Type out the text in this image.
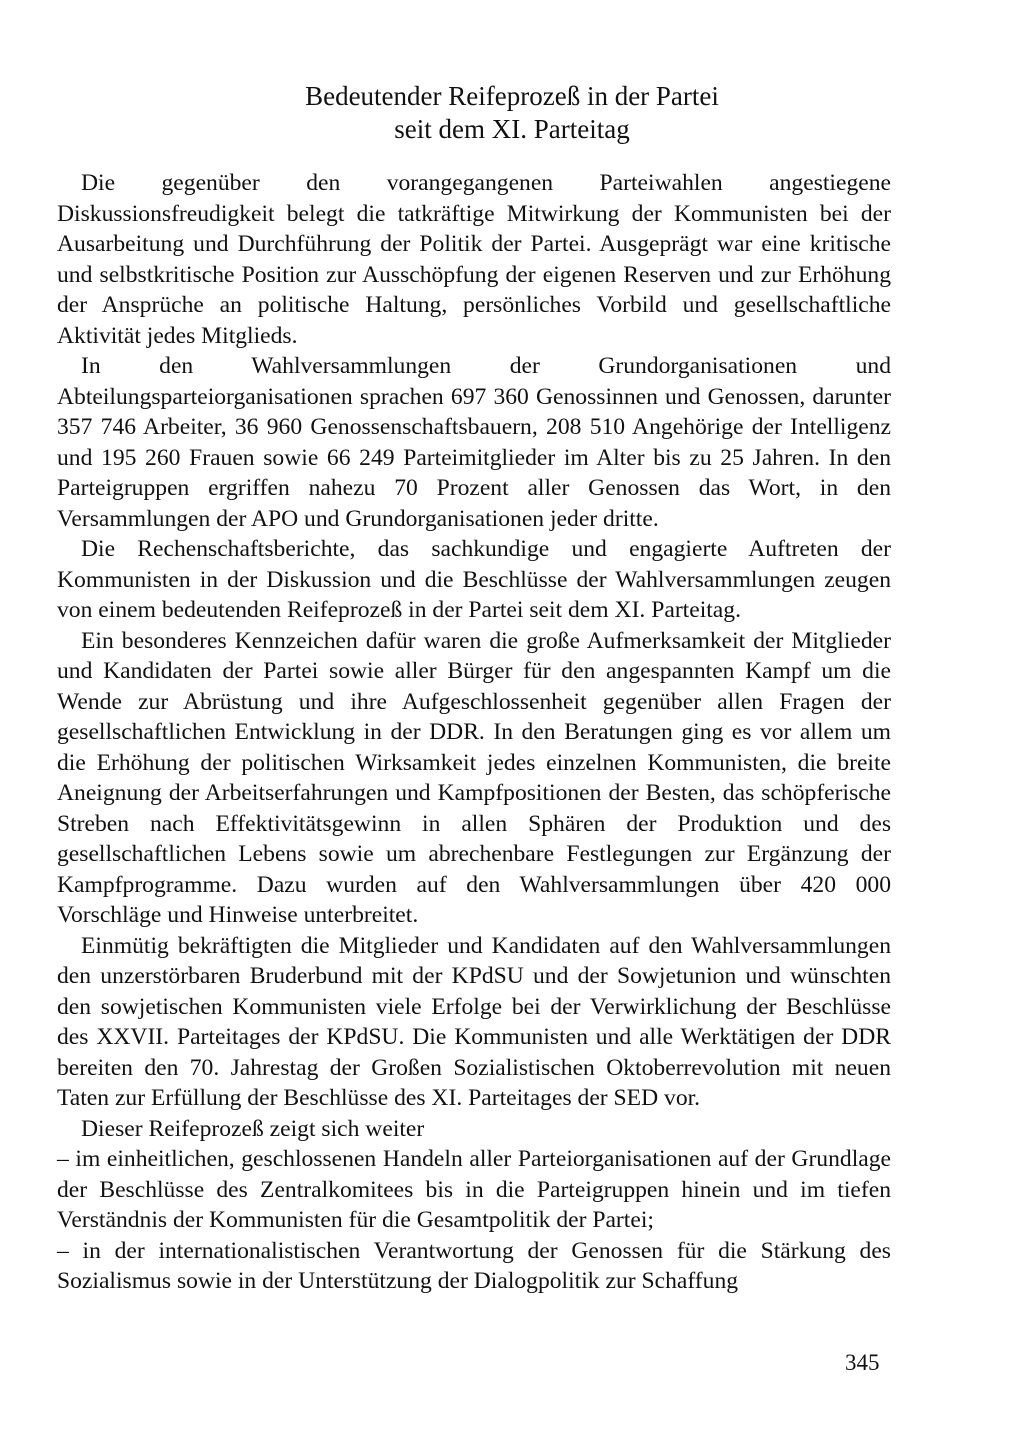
Bedeutender Reifeprozeß in der Partei
seit dem XI. Parteitag

Die gegenüber den vorangegangenen Parteiwahlen angestiegene Diskussionsfreudigkeit belegt die tatkräftige Mitwirkung der Kommunisten bei der Ausarbeitung und Durchführung der Politik der Partei. Ausgeprägt war eine kritische und selbstkritische Position zur Ausschöpfung der eigenen Reserven und zur Erhöhung der Ansprüche an politische Haltung, persönliches Vorbild und gesellschaftliche Aktivität jedes Mitglieds.

In den Wahlversammlungen der Grundorganisationen und Abteilungsparteiorganisationen sprachen 697 360 Genossinnen und Genossen, darunter 357 746 Arbeiter, 36 960 Genossenschaftsbauern, 208 510 Angehörige der Intelligenz und 195 260 Frauen sowie 66 249 Parteimitglieder im Alter bis zu 25 Jahren. In den Parteigruppen ergriffen nahezu 70 Prozent aller Genossen das Wort, in den Versammlungen der APO und Grundorganisationen jeder dritte.

Die Rechenschaftsberichte, das sachkundige und engagierte Auftreten der Kommunisten in der Diskussion und die Beschlüsse der Wahlversammlungen zeugen von einem bedeutenden Reifeprozeß in der Partei seit dem XI. Parteitag.

Ein besonderes Kennzeichen dafür waren die große Aufmerksamkeit der Mitglieder und Kandidaten der Partei sowie aller Bürger für den angespannten Kampf um die Wende zur Abrüstung und ihre Aufgeschlossenheit gegenüber allen Fragen der gesellschaftlichen Entwicklung in der DDR. In den Beratungen ging es vor allem um die Erhöhung der politischen Wirksamkeit jedes einzelnen Kommunisten, die breite Aneignung der Arbeitserfahrungen und Kampfpositionen der Besten, das schöpferische Streben nach Effektivitätsgewinn in allen Sphären der Produktion und des gesellschaftlichen Lebens sowie um abrechenbare Festlegungen zur Ergänzung der Kampfprogramme. Dazu wurden auf den Wahlversammlungen über 420 000 Vorschläge und Hinweise unterbreitet.

Einmütig bekräftigten die Mitglieder und Kandidaten auf den Wahlversammlungen den unzerstörbaren Bruderbund mit der KPdSU und der Sowjetunion und wünschten den sowjetischen Kommunisten viele Erfolge bei der Verwirklichung der Beschlüsse des XXVII. Parteitages der KPdSU. Die Kommunisten und alle Werktätigen der DDR bereiten den 70. Jahrestag der Großen Sozialistischen Oktoberrevolution mit neuen Taten zur Erfüllung der Beschlüsse des XI. Parteitages der SED vor.

Dieser Reifeprozeß zeigt sich weiter

– im einheitlichen, geschlossenen Handeln aller Parteiorganisationen auf der Grundlage der Beschlüsse des Zentralkomitees bis in die Parteigruppen hinein und im tiefen Verständnis der Kommunisten für die Gesamtpolitik der Partei;

– in der internationalistischen Verantwortung der Genossen für die Stärkung des Sozialismus sowie in der Unterstützung der Dialogpolitik zur Schaffung

345
